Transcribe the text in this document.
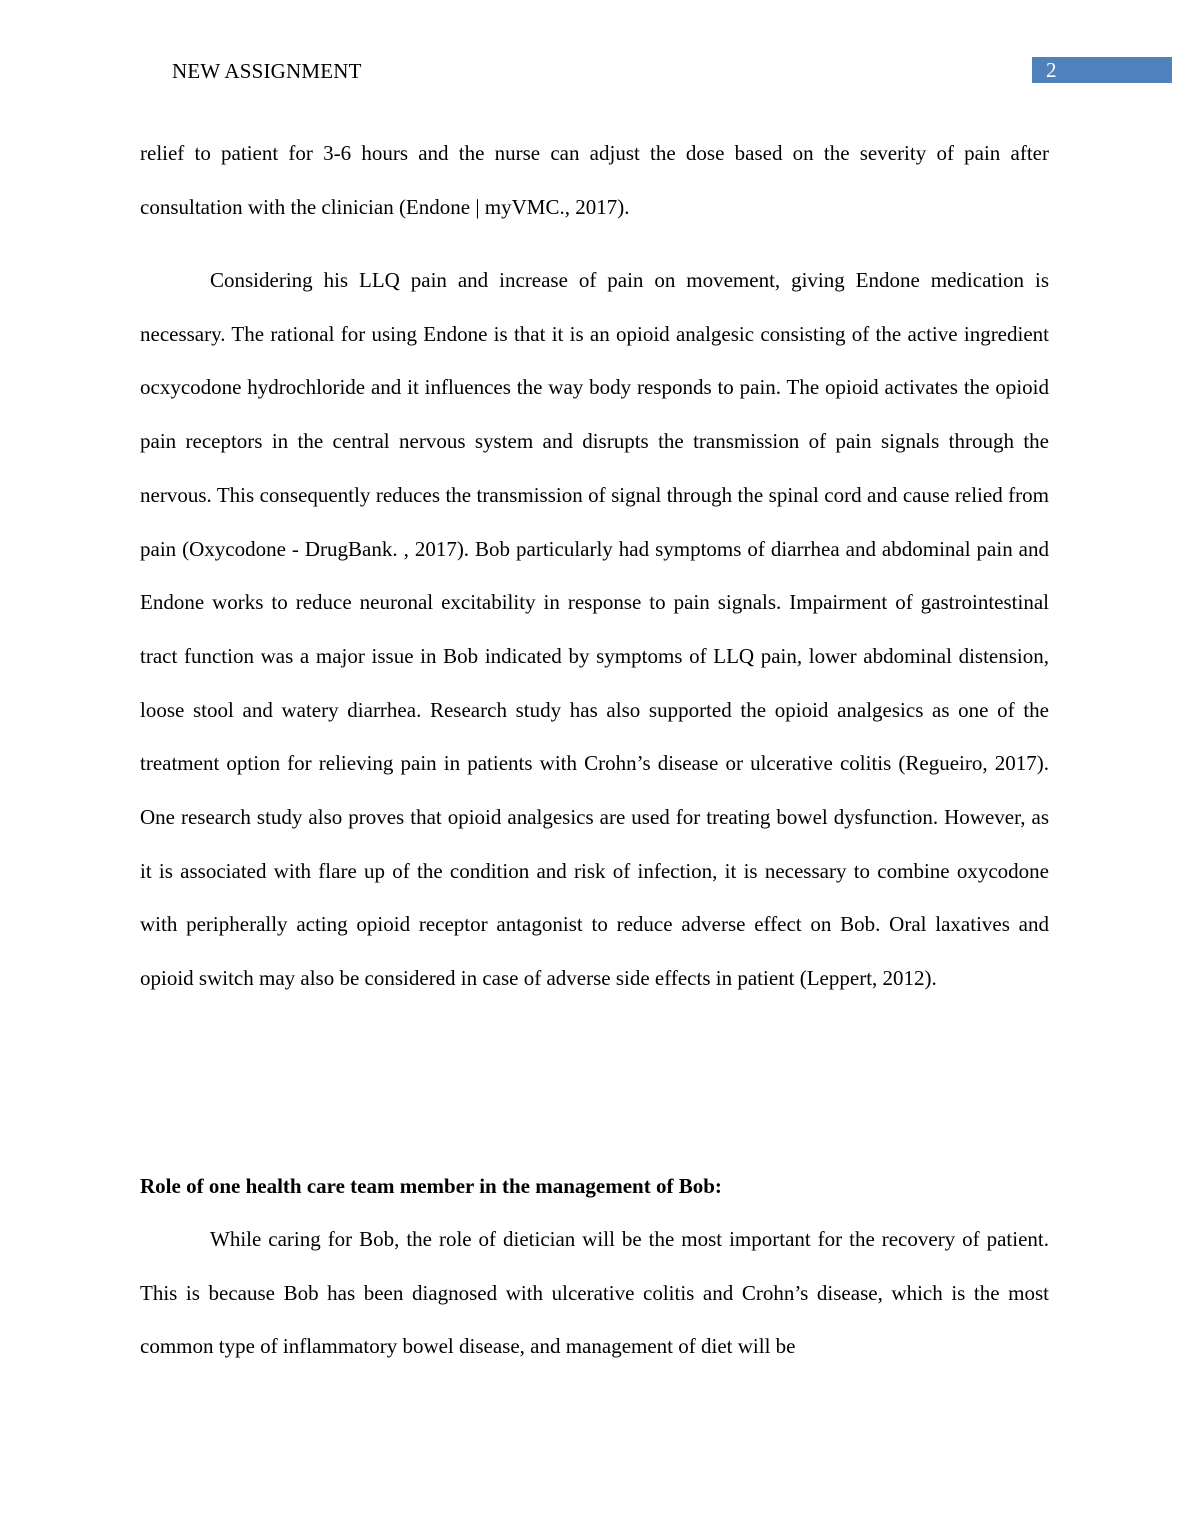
NEW ASSIGNMENT	2

relief to patient for 3-6 hours and the nurse can adjust the dose based on the severity of pain after consultation with the clinician (Endone | myVMC., 2017).

Considering his LLQ pain and increase of pain on movement, giving Endone medication is necessary. The rational for using Endone is that it is an opioid analgesic consisting of the active ingredient ocxycodone hydrochloride and it influences the way body responds to pain. The opioid activates the opioid pain receptors in the central nervous system and disrupts the transmission of pain signals through the nervous. This consequently reduces the transmission of signal through the spinal cord and cause relied from pain (Oxycodone - DrugBank. , 2017). Bob particularly had symptoms of diarrhea and abdominal pain and Endone works to reduce neuronal excitability in response to pain signals. Impairment of gastrointestinal tract function was a major issue in Bob indicated by symptoms of LLQ pain, lower abdominal distension, loose stool and watery diarrhea. Research study has also supported the opioid analgesics as one of the treatment option for relieving pain in patients with Crohn’s disease or ulcerative colitis (Regueiro, 2017). One research study also proves that opioid analgesics are used for treating bowel dysfunction. However, as it is associated with flare up of the condition and risk of infection, it is necessary to combine oxycodone with peripherally acting opioid receptor antagonist to reduce adverse effect on Bob. Oral laxatives and opioid switch may also be considered in case of adverse side effects in patient (Leppert, 2012).

Role of one health care team member in the management of Bob:

While caring for Bob, the role of dietician will be the most important for the recovery of patient. This is because Bob has been diagnosed with ulcerative colitis and Crohn’s disease, which is the most common type of inflammatory bowel disease, and management of diet will be
